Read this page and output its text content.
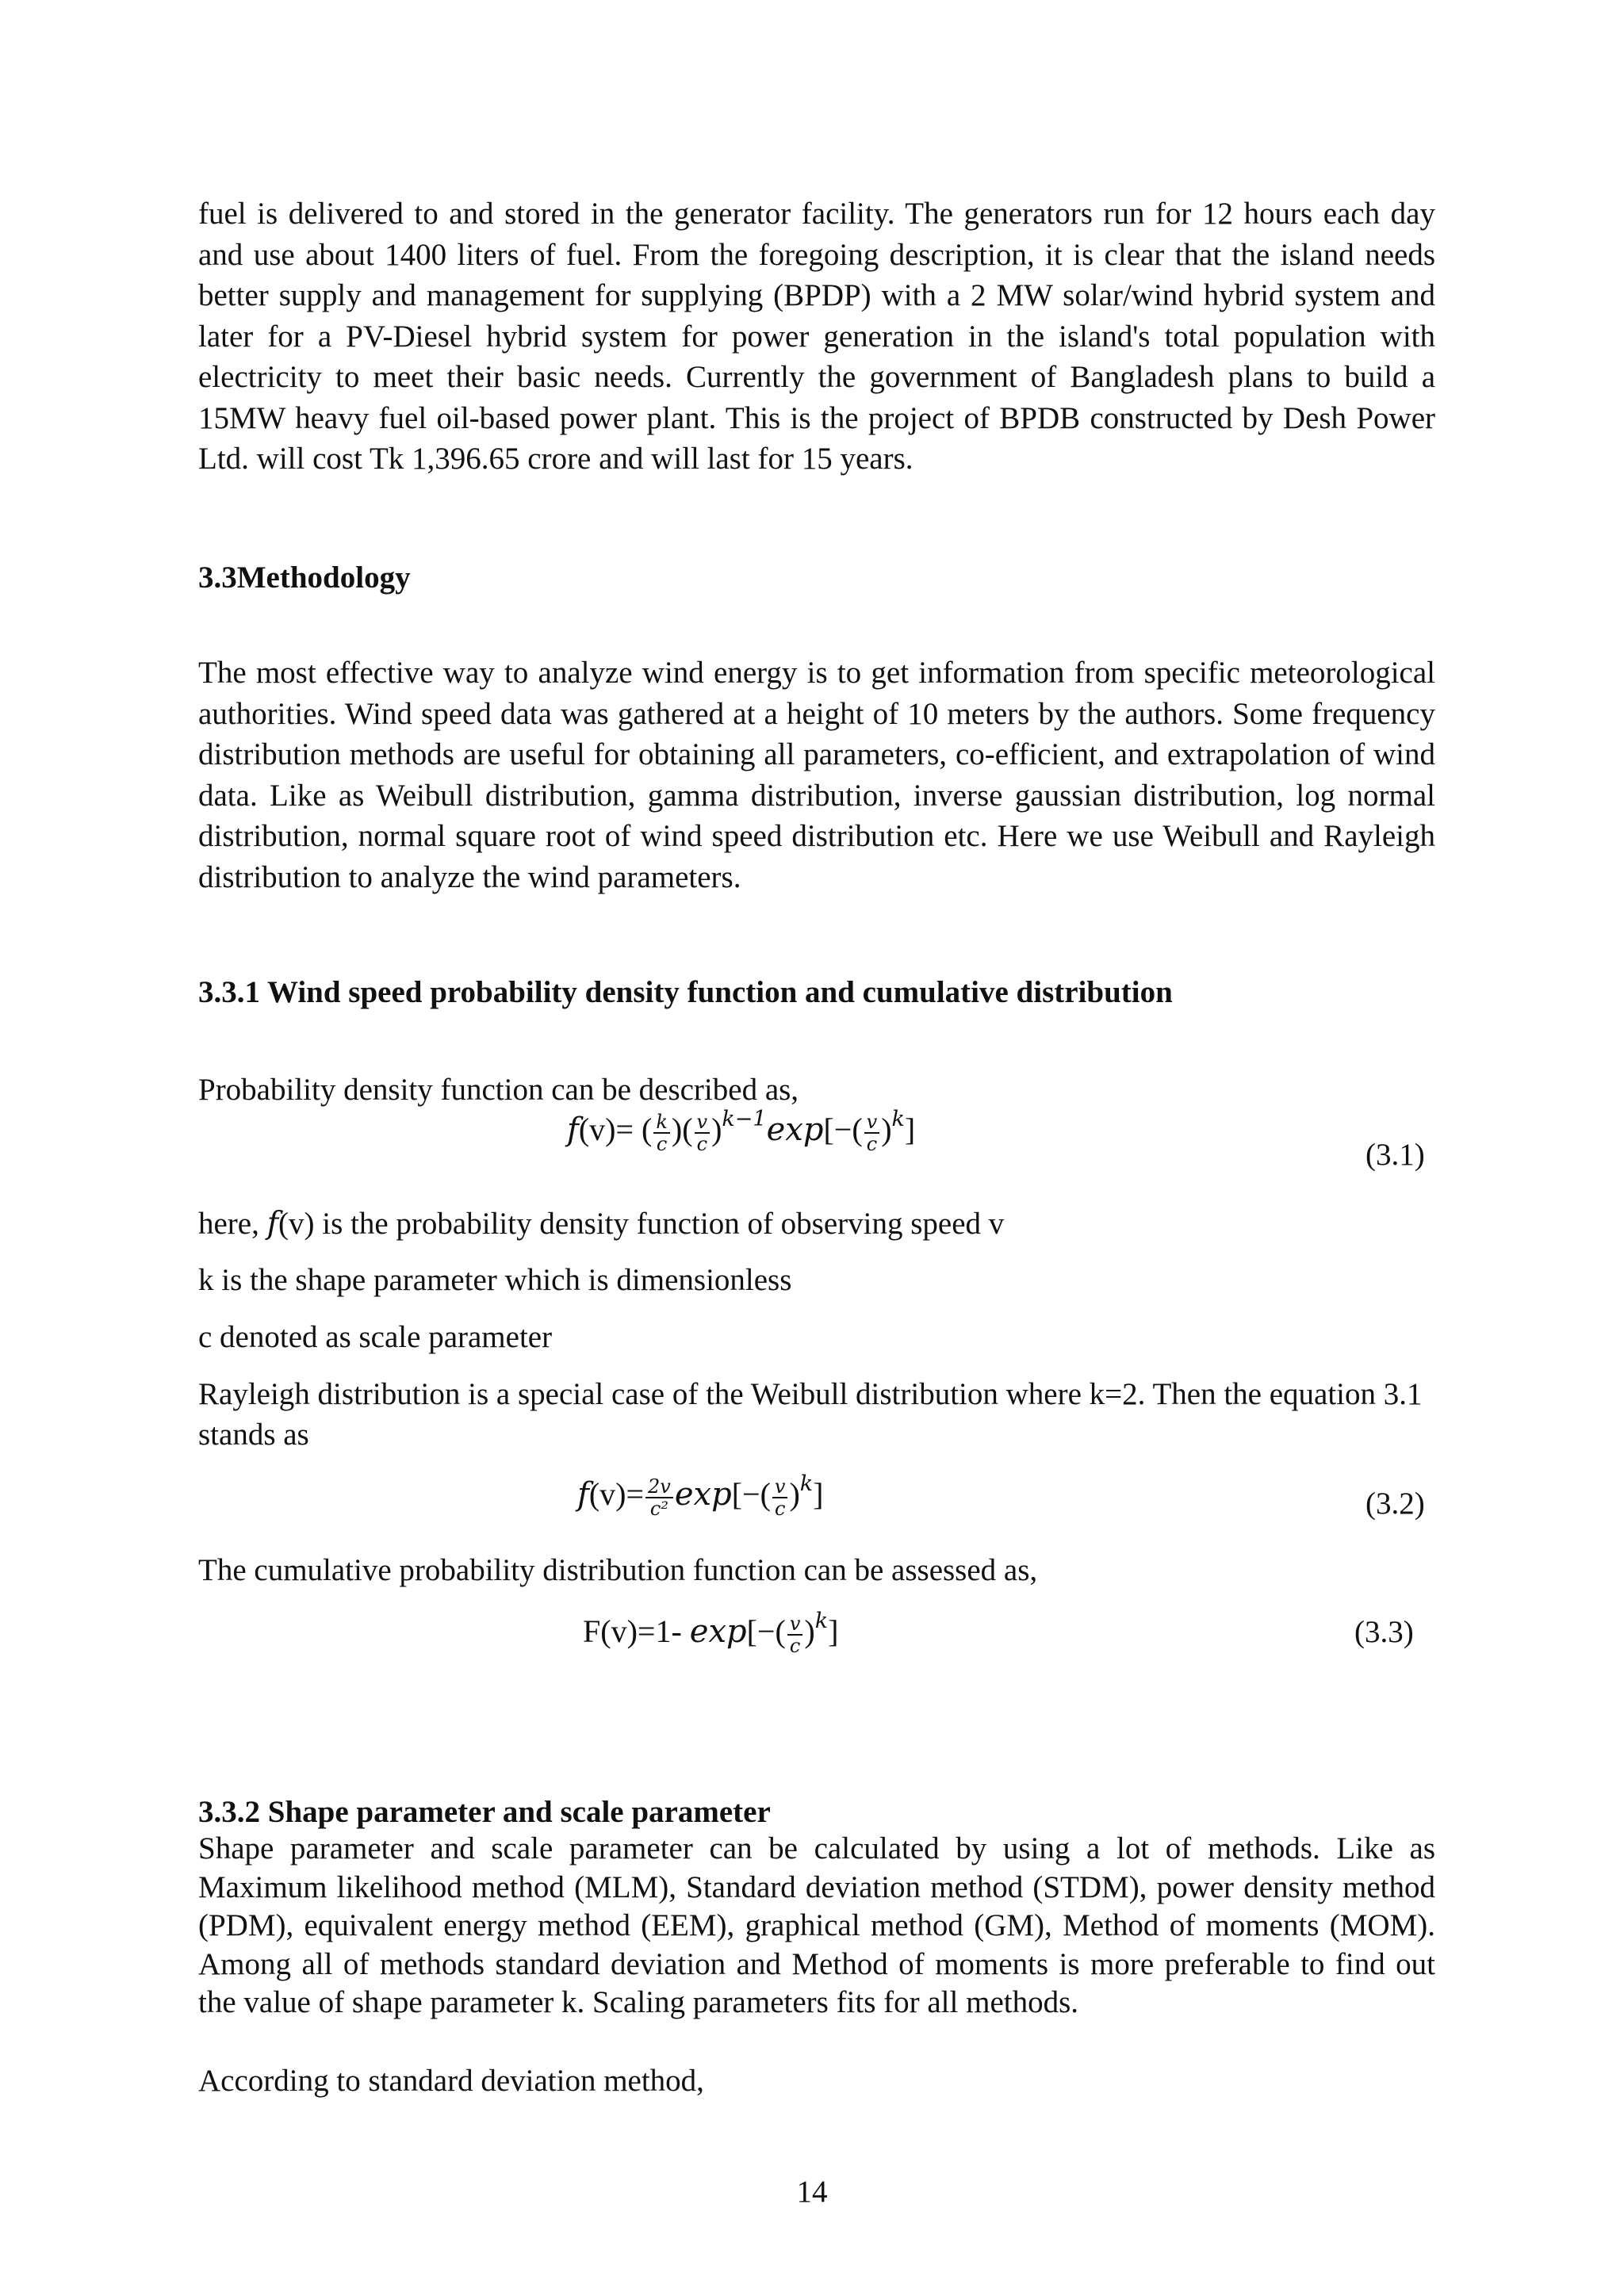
fuel is delivered to and stored in the generator facility. The generators run for 12 hours each day and use about 1400 liters of fuel. From the foregoing description, it is clear that the island needs better supply and management for supplying (BPDP) with a 2 MW solar/wind hybrid system and later for a PV-Diesel hybrid system for power generation in the island's total population with electricity to meet their basic needs. Currently the government of Bangladesh plans to build a 15MW heavy fuel oil-based power plant. This is the project of BPDB constructed by Desh Power Ltd. will cost Tk 1,396.65 crore and will last for 15 years.
3.3Methodology
The most effective way to analyze wind energy is to get information from specific meteorological authorities. Wind speed data was gathered at a height of 10 meters by the authors. Some frequency distribution methods are useful for obtaining all parameters, co-efficient, and extrapolation of wind data. Like as Weibull distribution, gamma distribution, inverse gaussian distribution, log normal distribution, normal square root of wind speed distribution etc. Here we use Weibull and Rayleigh distribution to analyze the wind parameters.
3.3.1 Wind speed probability density function and cumulative distribution
Probability density function can be described as,
f(v)= ( $\frac{k}{c}$ )( $\frac{v}{c} )^{k-1}\exp[-( \frac{v}{c} )^k]$
(3.1)
here, f(v) is the probability density function of observing speed v
k is the shape parameter which is dimensionless
c denoted as scale parameter
Rayleigh distribution is a special case of the Weibull distribution where k=2. Then the equation 3.1 stands as
$f(v)= \frac{2v}{\text{c²}} \exp[-( \frac{v}{c} )^k]$	(3.2)
The cumulative probability distribution function can be assessed as,
F(v)=1- $\exp[-( \frac{v}{c} )^k]$	(3.3)
3.3.2 Shape parameter and scale parameter
Shape parameter and scale parameter can be calculated by using a lot of methods. Like as Maximum likelihood method (MLM), Standard deviation method (STDM), power density method (PDM), equivalent energy method (EEM), graphical method (GM), Method of moments (MOM). Among all of methods standard deviation and Method of moments is more preferable to find out the value of shape parameter k. Scaling parameters fits for all methods.
According to standard deviation method,
14
